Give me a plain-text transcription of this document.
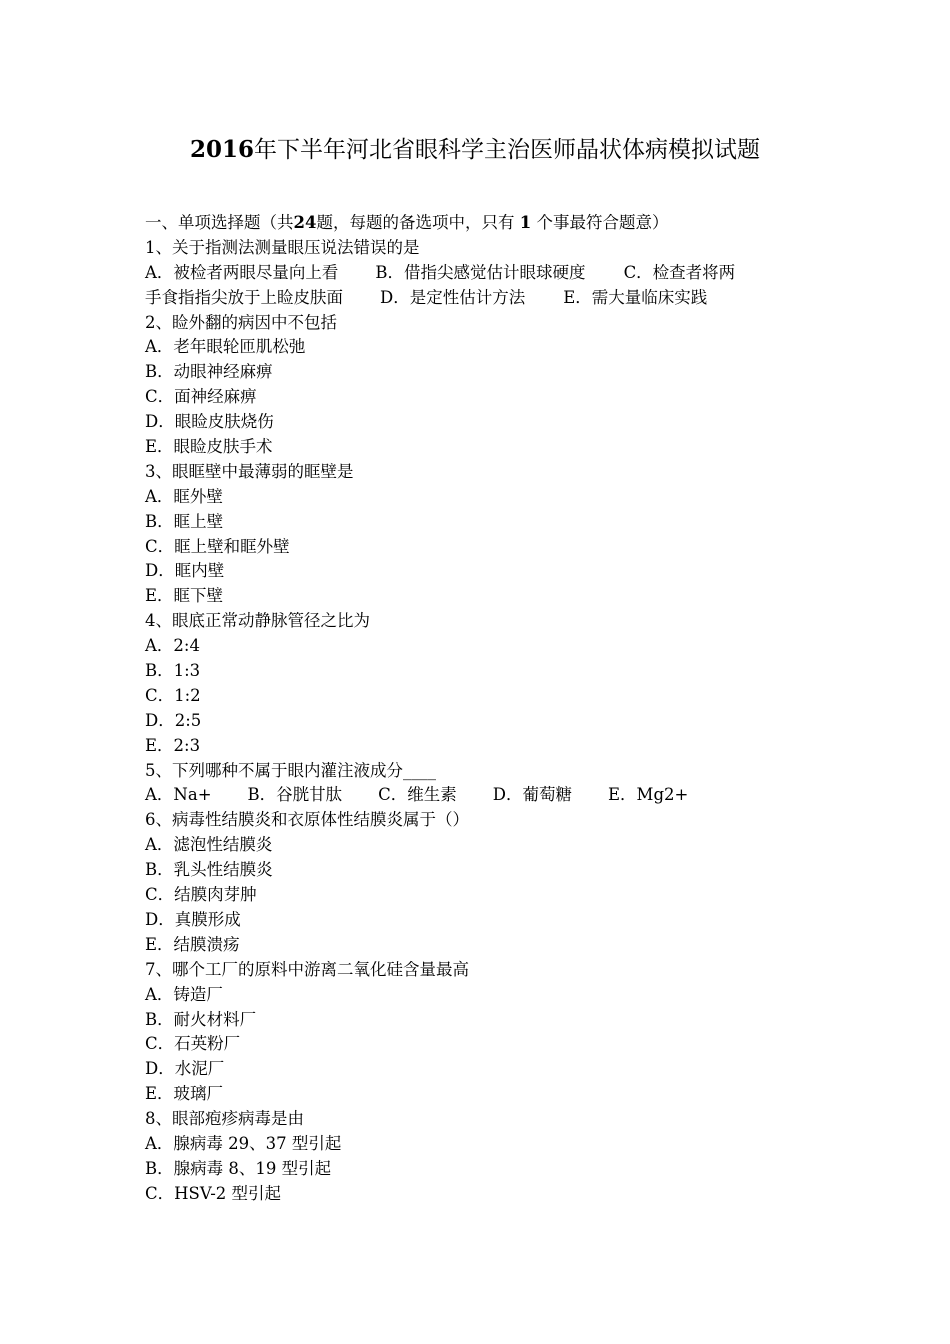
2016年下半年河北省眼科学主治医师晶状体病模拟试题
一、单项选择题（共24题，每题的备选项中，只有 1 个事最符合题意）
1、关于指测法测量眼压说法错误的是
A．被检者两眼尽量向上看 B．借指尖感觉估计眼球硬度 C．检查者将两
手食指指尖放于上睑皮肤面 D．是定性估计方法 E．需大量临床实践
2、睑外翻的病因中不包括
A．老年眼轮匝肌松弛
B．动眼神经麻痹
C．面神经麻痹
D．眼睑皮肤烧伤
E．眼睑皮肤手术
3、眼眶壁中最薄弱的眶壁是
A．眶外壁
B．眶上壁
C．眶上壁和眶外壁
D．眶内壁
E．眶下壁
4、眼底正常动静脉管径之比为
A．2:4
B．1:3
C．1:2
D．2:5
E．2:3
5、下列哪种不属于眼内灌注液成分____
A．Na+ B．谷胱甘肽 C．维生素 D．葡萄糖 E．Mg2+
6、病毒性结膜炎和衣原体性结膜炎属于（）
A．滤泡性结膜炎
B．乳头性结膜炎
C．结膜肉芽肿
D．真膜形成
E．结膜溃疡
7、哪个工厂的原料中游离二氧化硅含量最高
A．铸造厂
B．耐火材料厂
C．石英粉厂
D．水泥厂
E．玻璃厂
8、眼部疱疹病毒是由
A．腺病毒 29、37 型引起
B．腺病毒 8、19 型引起
C．HSV-2 型引起
